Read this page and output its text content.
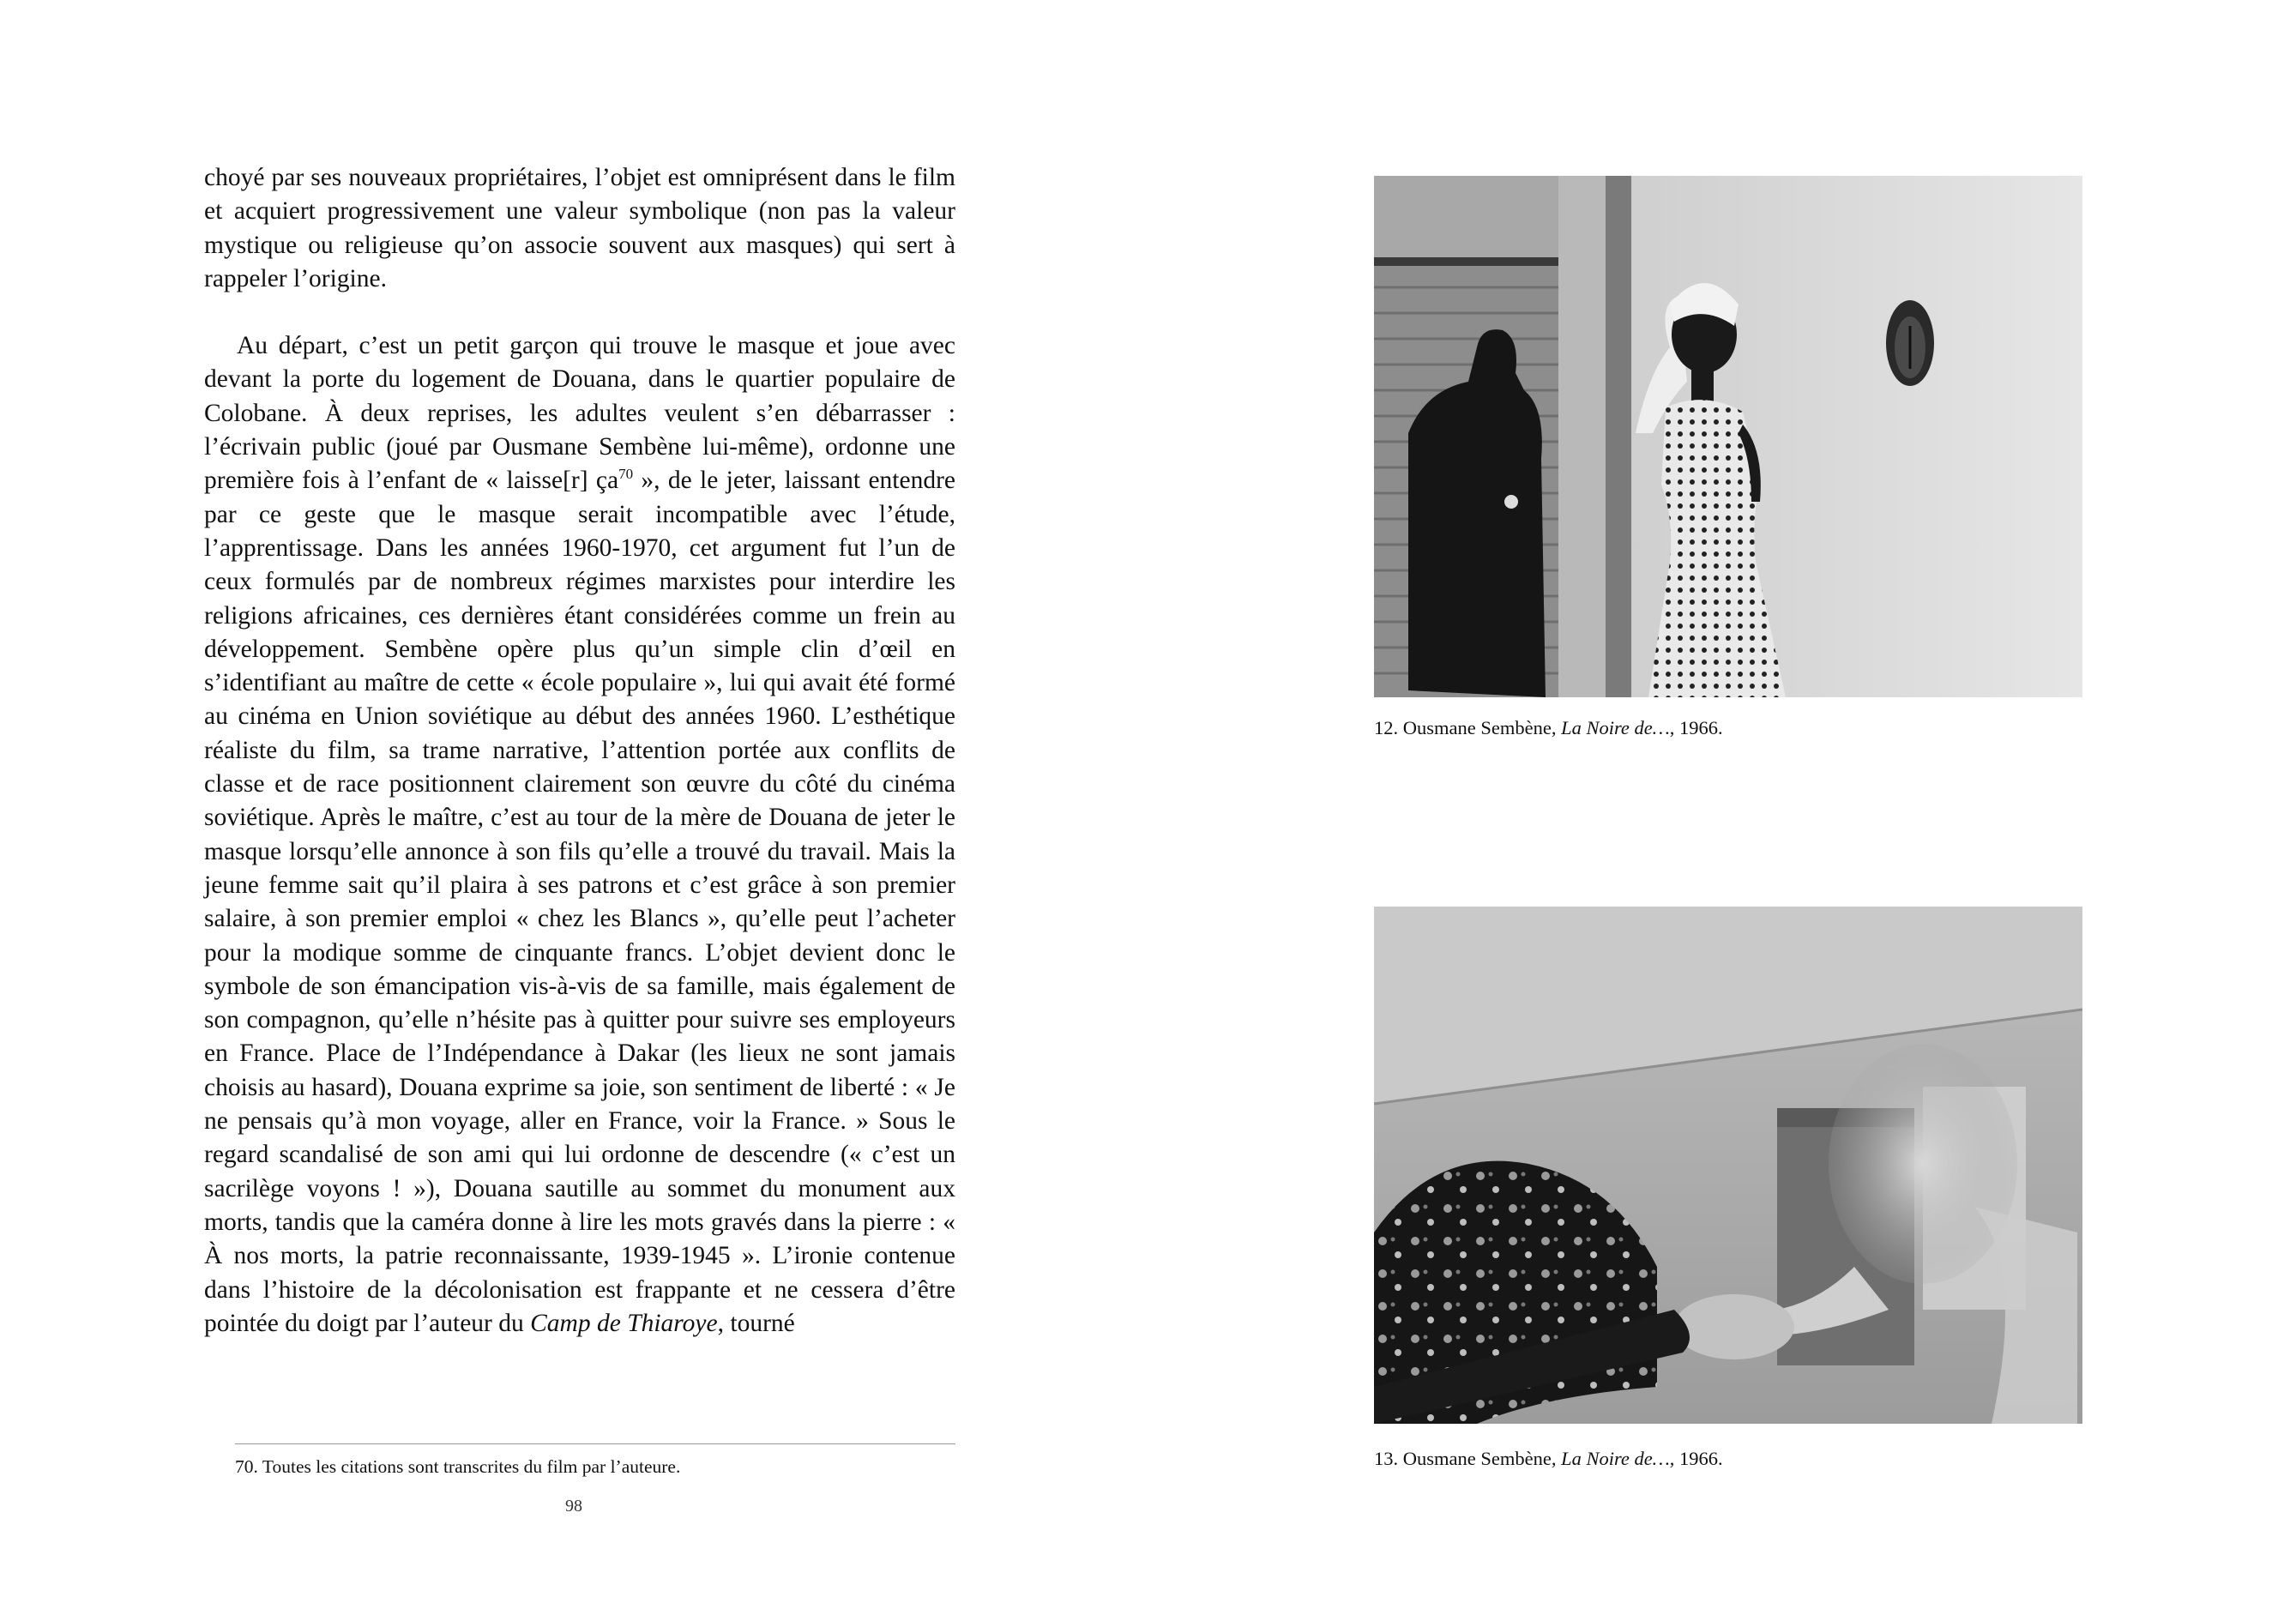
choyé par ses nouveaux propriétaires, l’objet est omniprésent dans le film et acquiert progressivement une valeur symbolique (non pas la valeur mystique ou religieuse qu’on associe souvent aux masques) qui sert à rappeler l’origine.

Au départ, c’est un petit garçon qui trouve le masque et joue avec devant la porte du logement de Douana, dans le quartier populaire de Colobane. À deux reprises, les adultes veulent s’en débarrasser : l’écrivain public (joué par Ousmane Sembène lui-même), ordonne une première fois à l’enfant de « laisse[r] $ça^{70}$ », de le jeter, laissant entendre par ce geste que le masque serait incompatible avec l’étude, l’apprentissage. Dans les années 1960-1970, cet argument fut l’un de ceux formulés par de nombreux régimes marxistes pour interdire les religions africaines, ces dernières étant considérées comme un frein au développement. Sembène opère plus qu’un simple clin d’œil en s’identifiant au maître de cette « école populaire », lui qui avait été formé au cinéma en Union soviétique au début des années 1960. L’esthétique réaliste du film, sa trame narrative, l’attention portée aux conflits de classe et de race positionnent clairement son œuvre du côté du cinéma soviétique. Après le maître, c’est au tour de la mère de Douana de jeter le masque lorsqu’elle annonce à son fils qu’elle a trouvé du travail. Mais la jeune femme sait qu’il plaira à ses patrons et c’est grâce à son premier salaire, à son premier emploi « chez les Blancs », qu’elle peut l’acheter pour la modique somme de cinquante francs. L’objet devient donc le symbole de son émancipation vis-à-vis de sa famille, mais également de son compagnon, qu’elle n’hésite pas à quitter pour suivre ses employeurs en France. Place de l’Indépendance à Dakar (les lieux ne sont jamais choisis au hasard), Douana exprime sa joie, son sentiment de liberté : « Je ne pensais qu’à mon voyage, aller en France, voir la France. » Sous le regard scandalisé de son ami qui lui ordonne de descendre (« c’est un sacrilège voyons ! »), Douana sautille au sommet du monument aux morts, tandis que la caméra donne à lire les mots gravés dans la pierre : « À nos morts, la patrie reconnaissante, 1939-1945 ». L’ironie contenue dans l’histoire de la décolonisation est frappante et ne cessera d’être pointée du doigt par l’auteur du Camp de Thiaroye, tourné

70. Toutes les citations sont transcrites du film par l’auteure.
98
12. Ousmane Sembène, La Noire de…, 1966.
13. Ousmane Sembène, La Noire de…, 1966.
